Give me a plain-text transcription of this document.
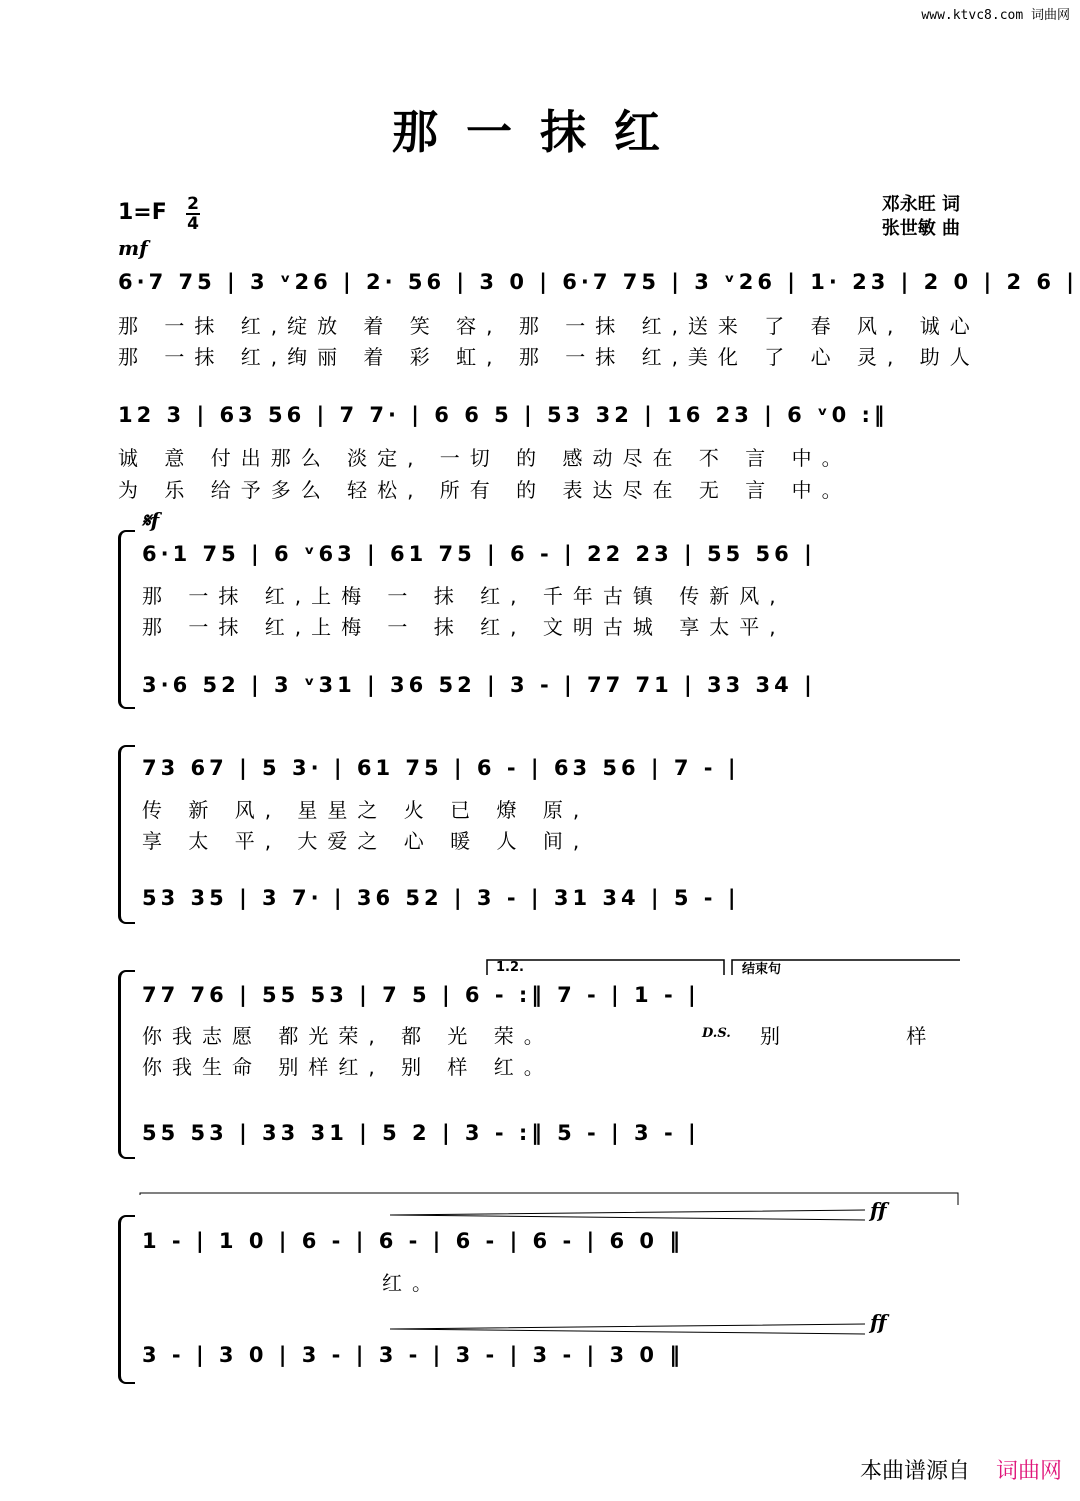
www.ktvc8.com 词曲网
那一抹红
邓永旺 词
张世敏 曲
1=F 2
4
mf
6·7 75 | 3 ᵛ26 | 2· 56 | 3 0 | 6·7 75 | 3 ᵛ26 | 1· 23 | 2 0 | 2 6 |
那 一抹 红,绽放 着 笑 容, 那 一抹 红,送来 了 春 风, 诚心
那 一抹 红,绚丽 着 彩 虹, 那 一抹 红,美化 了 心 灵, 助人
12 3 | 63 56 | 7 7· | 6 6 5 | 53 32 | 16 23 | 6 ᵛ0 :‖
诚 意 付出那么 淡定, 一切 的 感动尽在 不 言 中。
为 乐 给予多么 轻松, 所有 的 表达尽在 无 言 中。
𝄋f
6·1 75 | 6 ᵛ63 | 61 75 | 6 - | 22 23 | 55 56 |
那 一抹 红,上梅 一 抹 红, 千年古镇 传新风,
那 一抹 红,上梅 一 抹 红, 文明古城 享太平,
3·6 52 | 3 ᵛ31 | 36 52 | 3 - | 77 71 | 33 34 |
73 67 | 5 3· | 61 75 | 6 - | 63 56 | 7 - |
传 新 风, 星星之 火 已 燎 原,
享 太 平, 大爱之 心 暖 人 间,
53 35 | 3 7· | 36 52 | 3 - | 31 34 | 5 - |
1.2.	结束句
77 76 | 55 53 | 7 5 | 6 - :‖ 7 - | 1 - |
你我志愿 都光荣, 都 光 荣。	D.S. 别 样
你我生命 别样红, 别 样 红。
55 53 | 33 31 | 5 2 | 3 - :‖ 5 - | 3 - |
ff
1 - | 1 0 | 6 - | 6 - | 6 - | 6 - | 6 0 ‖
红。
ff
3 - | 3 0 | 3 - | 3 - | 3 - | 3 - | 3 0 ‖
本曲谱源自 词曲网
